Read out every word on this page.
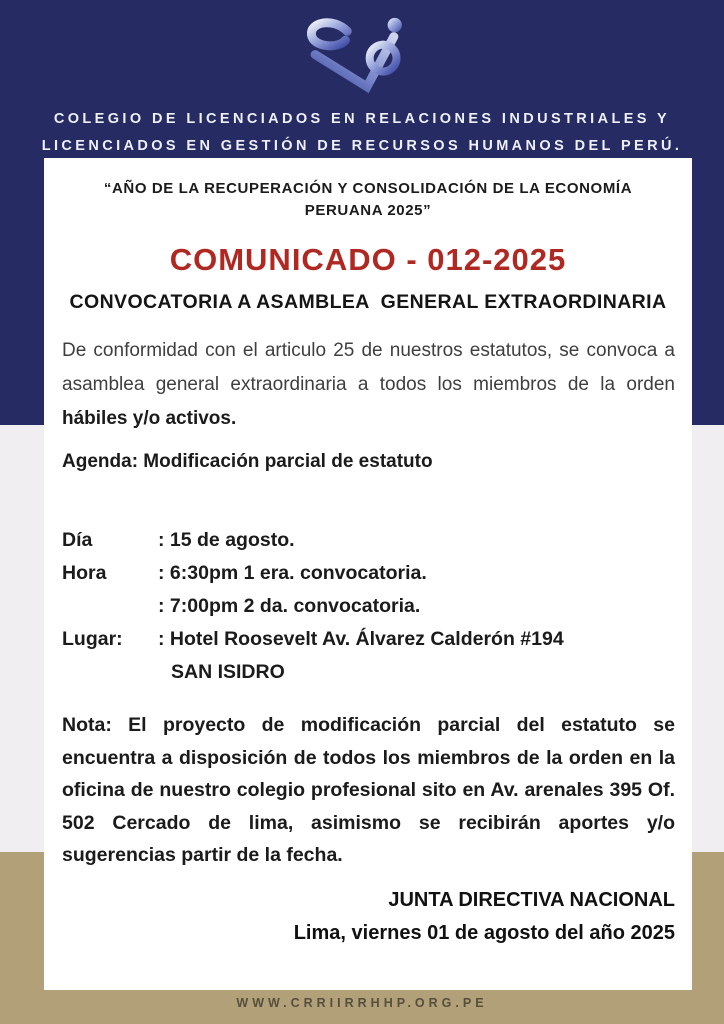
COLEGIO DE LICENCIADOS EN RELACIONES INDUSTRIALES Y
LICENCIADOS EN GESTIÓN DE RECURSOS HUMANOS DEL PERÚ.
“AÑO DE LA RECUPERACIÓN Y CONSOLIDACIÓN DE LA ECONOMÍA PERUANA 2025”
COMUNICADO - 012-2025
CONVOCATORIA A ASAMBLEA  GENERAL EXTRAORDINARIA

De conformidad con el articulo 25 de nuestros estatutos, se convoca a asamblea general extraordinaria a todos los miembros de la orden hábiles y/o activos.

Agenda: Modificación parcial de estatuto
Día	: 15 de agosto.
Hora	: 6:30pm 1 era. convocatoria.
: 7:00pm 2 da. convocatoria.
Lugar:	: Hotel Roosevelt Av. Álvarez Calderón #194
SAN ISIDRO

Nota: El proyecto de modificación parcial del estatuto se encuentra a disposición de todos los miembros de la orden en la oficina de nuestro colegio profesional sito en Av. arenales 395 Of. 502 Cercado de lima, asimismo se recibirán aportes y/o sugerencias partir de la fecha.

JUNTA DIRECTIVA NACIONAL
Lima, viernes 01 de agosto del año 2025
WWW.CRRIIRRHHP.ORG.PE
